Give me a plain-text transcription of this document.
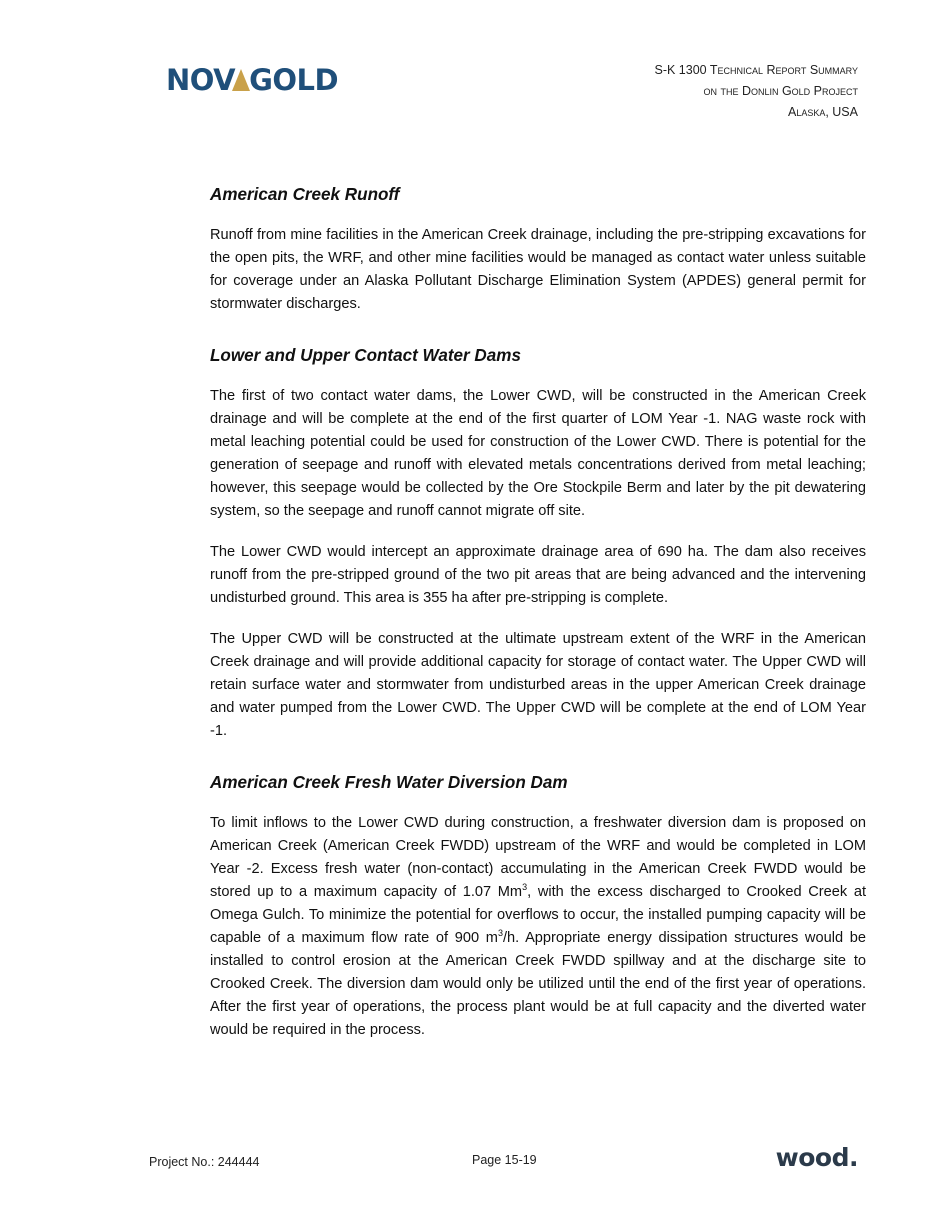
NOV GOLD	S-K 1300 Technical Report Summary
on the Donlin Gold Project
Alaska, USA
American Creek Runoff

Runoff from mine facilities in the American Creek drainage, including the pre-stripping excavations for the open pits, the WRF, and other mine facilities would be managed as contact water unless suitable for coverage under an Alaska Pollutant Discharge Elimination System (APDES) general permit for stormwater discharges.

Lower and Upper Contact Water Dams

The first of two contact water dams, the Lower CWD, will be constructed in the American Creek drainage and will be complete at the end of the first quarter of LOM Year -1. NAG waste rock with metal leaching potential could be used for construction of the Lower CWD. There is potential for the generation of seepage and runoff with elevated metals concentrations derived from metal leaching; however, this seepage would be collected by the Ore Stockpile Berm and later by the pit dewatering system, so the seepage and runoff cannot migrate off site.

The Lower CWD would intercept an approximate drainage area of 690 ha. The dam also receives runoff from the pre-stripped ground of the two pit areas that are being advanced and the intervening undisturbed ground. This area is 355 ha after pre-stripping is complete.

The Upper CWD will be constructed at the ultimate upstream extent of the WRF in the American Creek drainage and will provide additional capacity for storage of contact water. The Upper CWD will retain surface water and stormwater from undisturbed areas in the upper American Creek drainage and water pumped from the Lower CWD. The Upper CWD will be complete at the end of LOM Year -1.

American Creek Fresh Water Diversion Dam

To limit inflows to the Lower CWD during construction, a freshwater diversion dam is proposed on American Creek (American Creek FWDD) upstream of the WRF and would be completed in LOM Year -2. Excess fresh water (non-contact) accumulating in the American Creek FWDD would be stored up to a maximum capacity of 1.07 Mm$^3$, with the excess discharged to Crooked Creek at Omega Gulch. To minimize the potential for overflows to occur, the installed pumping capacity will be capable of a maximum flow rate of 900 $m^3/h$. Appropriate energy dissipation structures would be installed to control erosion at the American Creek FWDD spillway and at the discharge site to Crooked Creek. The diversion dam would only be utilized until the end of the first year of operations. After the first year of operations, the process plant would be at full capacity and the diverted water would be required in the process.

Project No.: 244444	Page 15-19	wood.
